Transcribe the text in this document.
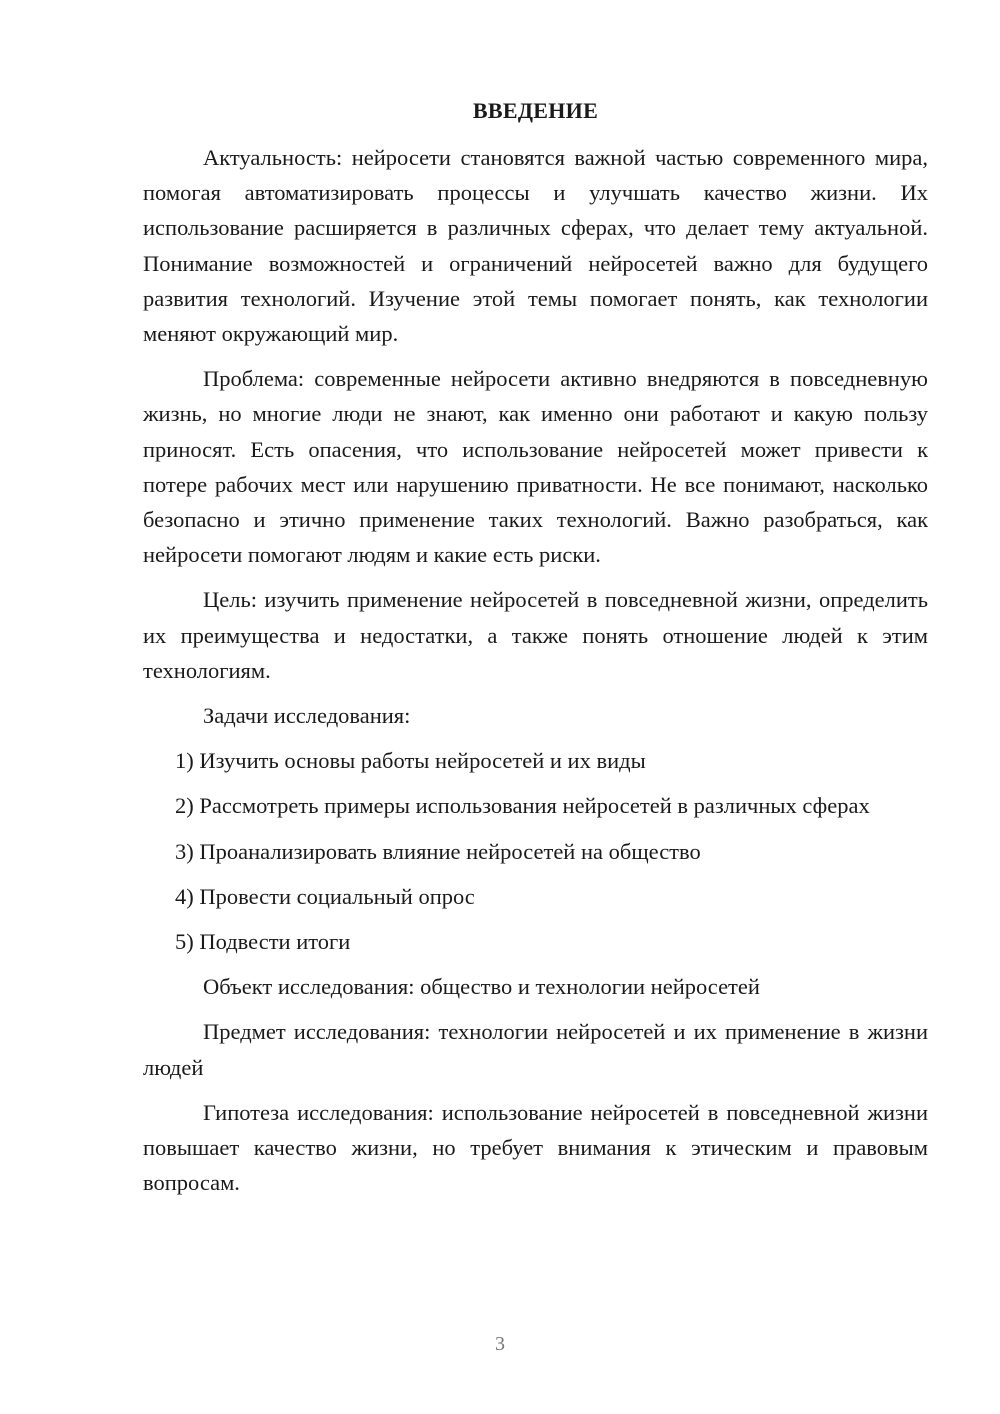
ВВЕДЕНИЕ

Актуальность: нейросети становятся важной частью современного мира, помогая автоматизировать процессы и улучшать качество жизни. Их использование расширяется в различных сферах, что делает тему актуальной. Понимание возможностей и ограничений нейросетей важно для будущего развития технологий. Изучение этой темы помогает понять, как технологии меняют окружающий мир.

Проблема: современные нейросети активно внедряются в повседневную жизнь, но многие люди не знают, как именно они работают и какую пользу приносят. Есть опасения, что использование нейросетей может привести к потере рабочих мест или нарушению приватности. Не все понимают, насколько безопасно и этично применение таких технологий. Важно разобраться, как нейросети помогают людям и какие есть риски.

Цель: изучить применение нейросетей в повседневной жизни, определить их преимущества и недостатки, а также понять отношение людей к этим технологиям.

Задачи исследования:

1) Изучить основы работы нейросетей и их виды

2) Рассмотреть примеры использования нейросетей в различных сферах

3) Проанализировать влияние нейросетей на общество

4) Провести социальный опрос

5) Подвести итоги

Объект исследования: общество и технологии нейросетей

Предмет исследования: технологии нейросетей и их применение в жизни людей

Гипотеза исследования: использование нейросетей в повседневной жизни повышает качество жизни, но требует внимания к этическим и правовым вопросам.

3
